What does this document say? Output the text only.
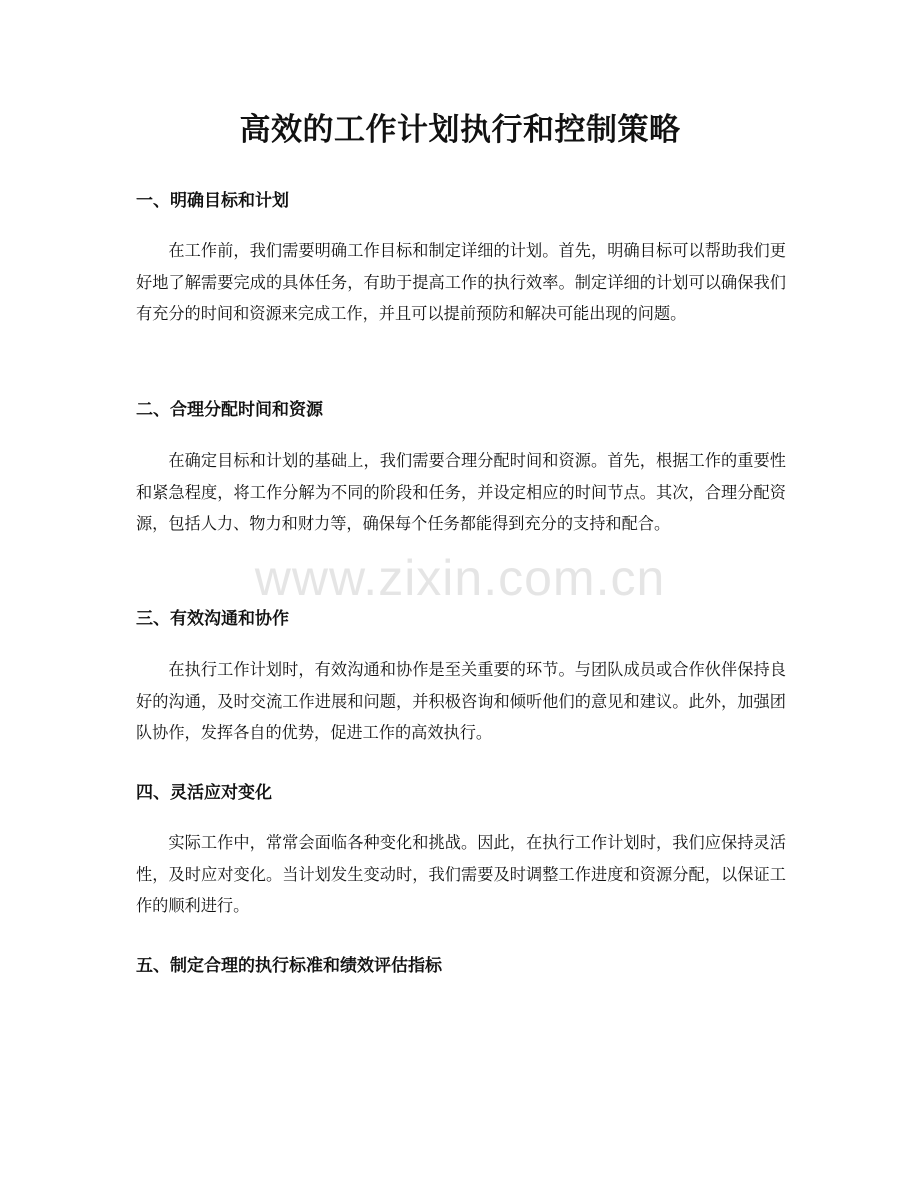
高效的工作计划执行和控制策略
一、明确目标和计划

在工作前，我们需要明确工作目标和制定详细的计划。首先，明确目标可以帮助我们更好地了解需要完成的具体任务，有助于提高工作的执行效率。制定详细的计划可以确保我们有充分的时间和资源来完成工作，并且可以提前预防和解决可能出现的问题。

二、合理分配时间和资源

在确定目标和计划的基础上，我们需要合理分配时间和资源。首先，根据工作的重要性和紧急程度，将工作分解为不同的阶段和任务，并设定相应的时间节点。其次，合理分配资源，包括人力、物力和财力等，确保每个任务都能得到充分的支持和配合。

三、有效沟通和协作

在执行工作计划时，有效沟通和协作是至关重要的环节。与团队成员或合作伙伴保持良好的沟通，及时交流工作进展和问题，并积极咨询和倾听他们的意见和建议。此外，加强团队协作，发挥各自的优势，促进工作的高效执行。

四、灵活应对变化

实际工作中，常常会面临各种变化和挑战。因此，在执行工作计划时，我们应保持灵活性，及时应对变化。当计划发生变动时，我们需要及时调整工作进度和资源分配，以保证工作的顺利进行。

五、制定合理的执行标准和绩效评估指标
www.zixin.com.cn
